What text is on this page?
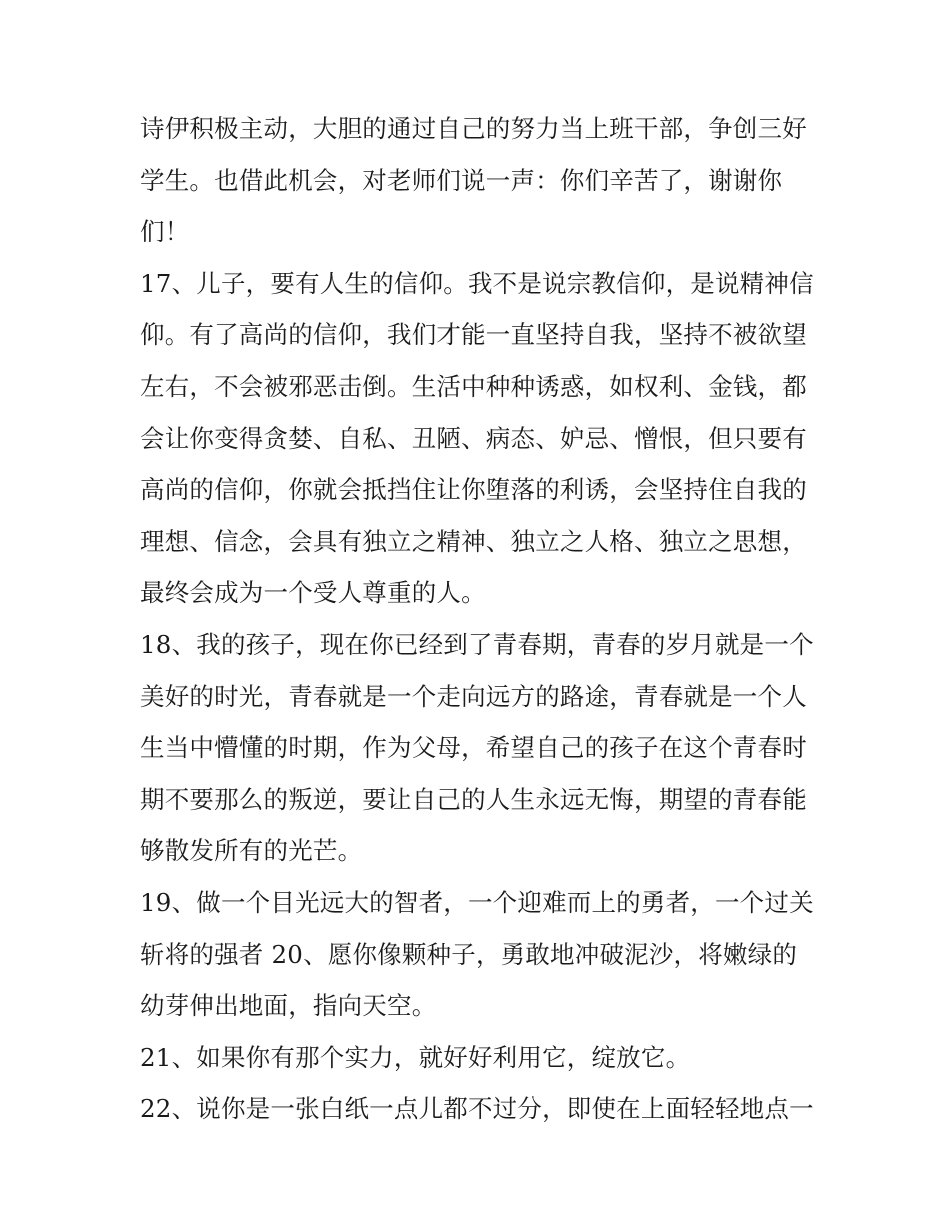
诗伊积极主动，大胆的通过自己的努力当上班干部，争创三好
学生。也借此机会，对老师们说一声：你们辛苦了，谢谢你
们！
17、儿子，要有人生的信仰。我不是说宗教信仰，是说精神信
仰。有了高尚的信仰，我们才能一直坚持自我，坚持不被欲望
左右，不会被邪恶击倒。生活中种种诱惑，如权利、金钱，都
会让你变得贪婪、自私、丑陋、病态、妒忌、憎恨，但只要有
高尚的信仰，你就会抵挡住让你堕落的利诱，会坚持住自我的
理想、信念，会具有独立之精神、独立之人格、独立之思想，
最终会成为一个受人尊重的人。
18、我的孩子，现在你已经到了青春期，青春的岁月就是一个
美好的时光，青春就是一个走向远方的路途，青春就是一个人
生当中懵懂的时期，作为父母，希望自己的孩子在这个青春时
期不要那么的叛逆，要让自己的人生永远无悔，期望的青春能
够散发所有的光芒。
19、做一个目光远大的智者，一个迎难而上的勇者，一个过关
斩将的强者 20、愿你像颗种子，勇敢地冲破泥沙，将嫩绿的
幼芽伸出地面，指向天空。
21、如果你有那个实力，就好好利用它，绽放它。
22、说你是一张白纸一点儿都不过分，即使在上面轻轻地点一
